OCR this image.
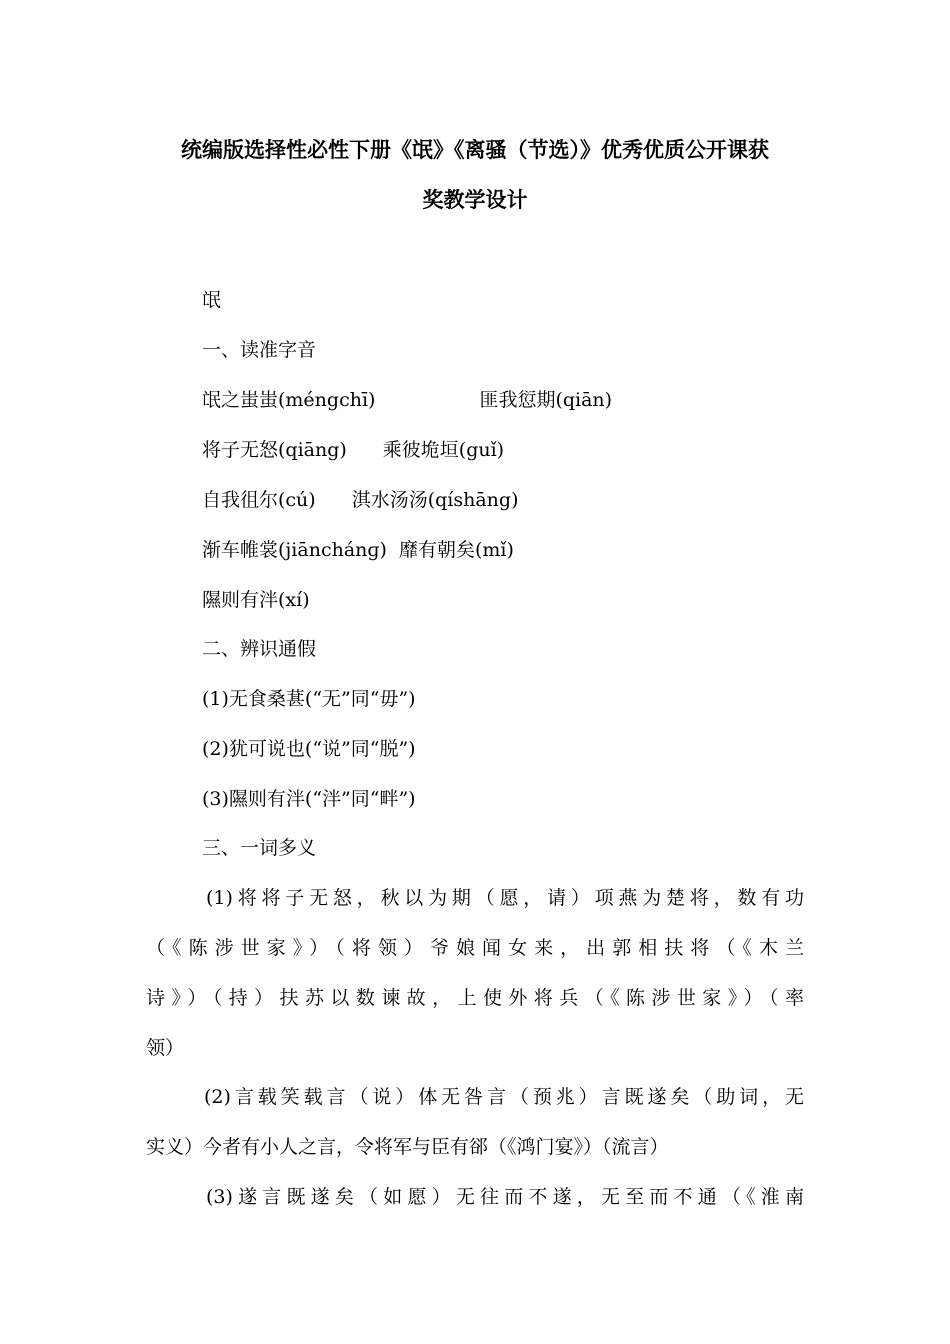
统编版选择性必性下册《氓》《离骚（节选）》优秀优质公开课获
奖教学设计

氓

一、读准字音

氓之蚩蚩(méngchī)	匪我愆期(qiān)

将子无怒(qiāng) 乘彼垝垣(guǐ)

自我徂尔(cú) 淇水汤汤(qíshāng)

渐车帷裳(jiānchánɡ) 靡有朝矣(mǐ)

隰则有泮(xí)

二、辨识通假

(1)无食桑葚(“无”同“毋”)

(2)犹可说也(“说”同“脱”)

(3)隰则有泮(“泮”同“畔”)

三、一词多义

(1)将将子无怒，秋以为期（愿，请）项燕为楚将，数有功

（《陈涉世家》）（将领）爷娘闻女来，出郭相扶将（《木兰

诗》）（持）扶苏以数谏故，上使外将兵（《陈涉世家》）（率

领）

(2)言载笑载言（说）体无咎言（预兆）言既遂矣（助词，无

实义）今者有小人之言，令将军与臣有郤（《鸿门宴》）（流言）

(3)遂言既遂矣（如愿）无往而不遂，无至而不通（《淮南
